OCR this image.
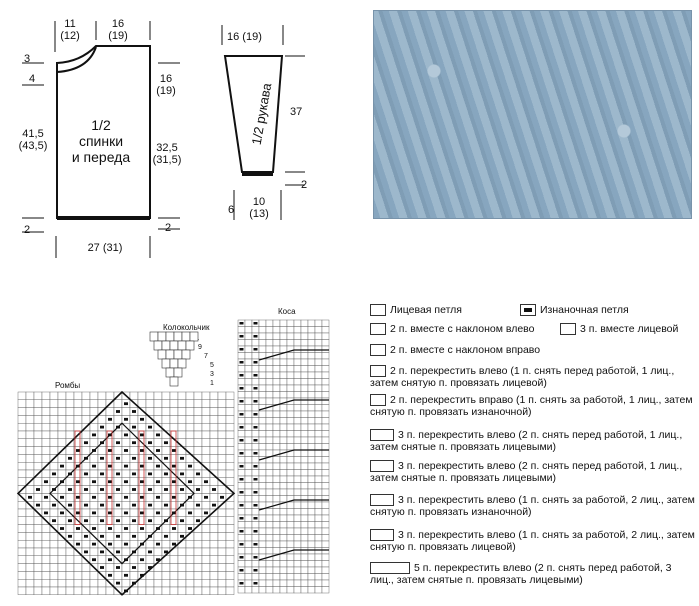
11
(12)
16
(19)
3
4
41,5
(43,5)
16
(19)
32,5
(31,5)
2	2
27 (31)
1/2
спинки
и переда
16 (19)
37
2
6
10
(13)
1/2 рукава
Колокольчик
Ромбы
Коса
9
7
5
3
1
Лицевая петля	Изнаночная петля
2 п. вместе с наклоном влево	3 п. вместе лицевой
2 п. вместе с наклоном вправо
2 п. перекрестить влево (1 п. снять перед работой, 1 лиц., затем снятую п. провязать лицевой)
2 п. перекрестить вправо (1 п. снять за работой, 1 лиц., затем снятую п. провязать изнаночной)
3 п. перекрестить влево (2 п. снять перед работой, 1 лиц., затем снятые п. провязать лицевыми)
3 п. перекрестить влево (2 п. снять перед работой, 1 лиц., затем снятые п. провязать лицевыми)
3 п. перекрестить влево (1 п. снять за работой, 2 лиц., затем снятую п. провязать изнаночной)
3 п. перекрестить влево (1 п. снять за работой, 2 лиц., затем снятую п. провязать лицевой)
5 п. перекрестить влево (2 п. снять перед работой, 3 лиц., затем снятые п. провязать лицевыми)
